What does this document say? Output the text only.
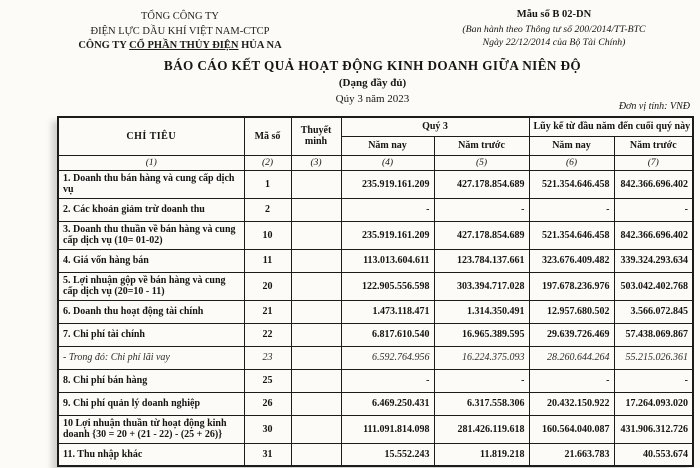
TỔNG CÔNG TY
ĐIỆN LỰC DẦU KHÍ VIỆT NAM-CTCP
CÔNG TY CỔ PHẦN THỦY ĐIỆN HỦA NA
Mẫu số B 02-DN
(Ban hành theo Thông tư số 200/2014/TT-BTC
Ngày 22/12/2014 của Bộ Tài Chính)
BÁO CÁO KẾT QUẢ HOẠT ĐỘNG KINH DOANH GIỮA NIÊN ĐỘ
(Dạng đầy đủ)
Qúy 3 năm 2023
Đơn vị tính: VNĐ
CHỈ TIÊU	Mã số	Thuyết minh	Quý 3		Lũy kế từ đầu năm đến cuối quý này	
			Năm nay	Năm trước	Năm nay	Năm trước
(1)	(2)	(3)	(4)	(5)	(6)	(7)
1. Doanh thu bán hàng và cung cấp dịch vụ	1		235.919.161.209	427.178.854.689	521.354.646.458	842.366.696.402
2. Các khoản giảm trừ doanh thu	2		-	-	-	-
3. Doanh thu thuần về bán hàng và cung cấp dịch vụ (10= 01-02)	10		235.919.161.209	427.178.854.689	521.354.646.458	842.366.696.402
4. Giá vốn hàng bán	11		113.013.604.611	123.784.137.661	323.676.409.482	339.324.293.634
5. Lợi nhuận gộp về bán hàng và cung cấp dịch vụ (20=10 - 11)	20		122.905.556.598	303.394.717.028	197.678.236.976	503.042.402.768
6. Doanh thu hoạt động tài chính	21		1.473.118.471	1.314.350.491	12.957.680.502	3.566.072.845
7. Chi phí tài chính	22		6.817.610.540	16.965.389.595	29.639.726.469	57.438.069.867
- Trong đó: Chi phí lãi vay	23		6.592.764.956	16.224.375.093	28.260.644.264	55.215.026.361
8. Chi phí bán hàng	25		-	-	-	-
9. Chi phí quản lý doanh nghiệp	26		6.469.250.431	6.317.558.306	20.432.150.922	17.264.093.020
10 Lợi nhuận thuần từ hoạt động kinh doanh {30 = 20 + (21 - 22) - (25 + 26)}	30		111.091.814.098	281.426.119.618	160.564.040.087	431.906.312.726
11. Thu nhập khác	31		15.552.243	11.819.218	21.663.783	40.553.674
